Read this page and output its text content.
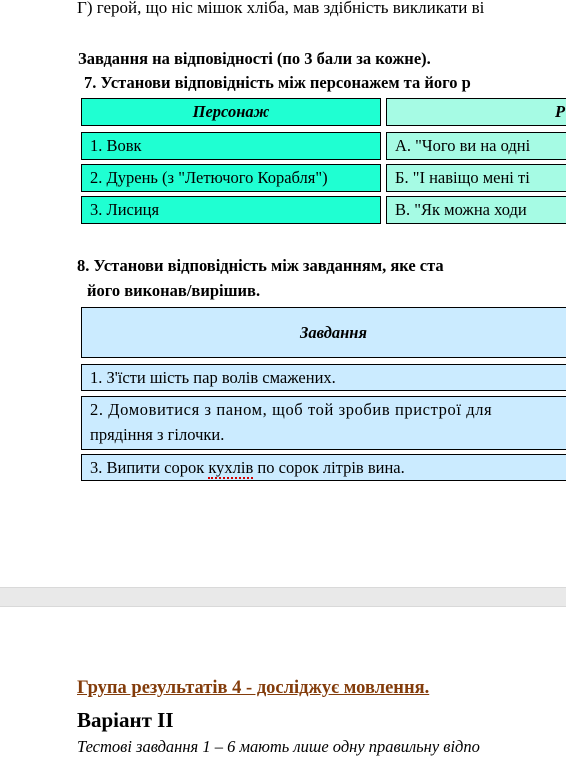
Г) герой, що ніс мішок хліба, мав здібність викликати ві
Завдання на відповідності (по 3 бали за кожне).
7. Установи відповідність між персонажем та його р
Персонаж	Р
1. Вовк	А. "Чого ви на одні
2. Дурень (з "Летючого Корабля")	Б. "І навіщо мені ті
3. Лисиця	В. "Як можна ходи
8. Установи відповідність між завданням, яке ста
його виконав/вирішив.
Завдання
1. З'їсти шість пар волів смажених.
2. Домовитися з паном, щоб той зробив пристрої для
прядіння з гілочки.
3. Випити сорок кухлів по сорок літрів вина.
Група результатів 4 - досліджує мовлення.
Варіант ІІ
Тестові завдання 1 – 6 мають лише одну правильну відпо
